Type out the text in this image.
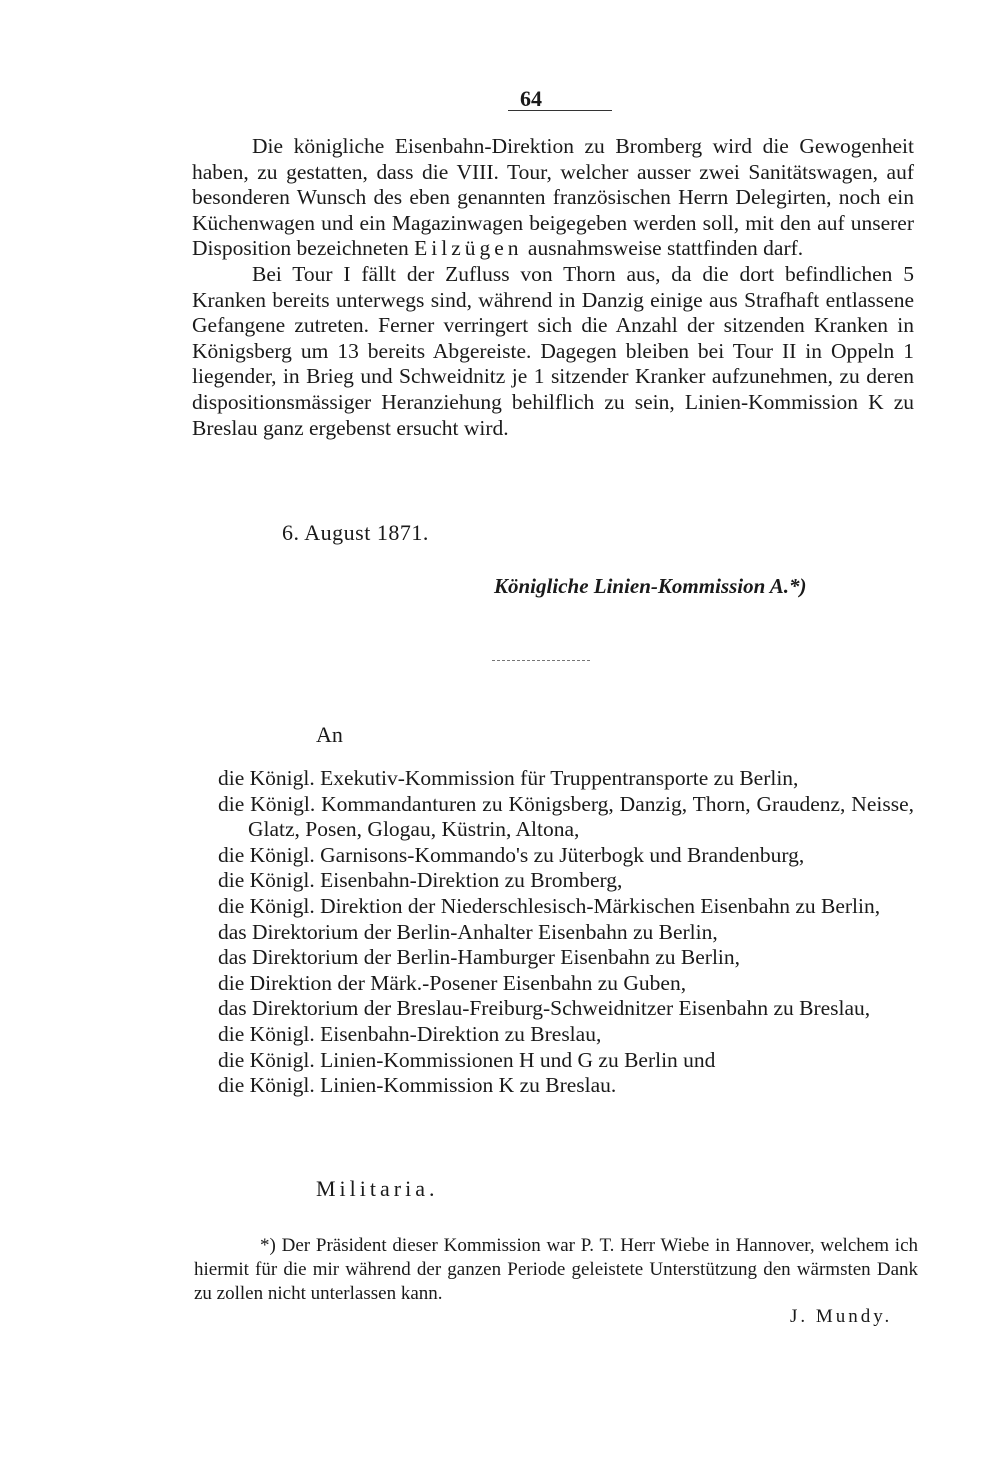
64

Die königliche Eisenbahn-Direktion zu Bromberg wird die Gewogenheit haben, zu gestatten, dass die VIII. Tour, welcher ausser zwei Sanitätswagen, auf besonderen Wunsch des eben genannten französischen Herrn Delegirten, noch ein Küchenwagen und ein Magazinwagen beigegeben werden soll, mit den auf unserer Disposition bezeichneten Eilzügen ausnahmsweise stattfinden darf.

Bei Tour I fällt der Zufluss von Thorn aus, da die dort befindlichen 5 Kranken bereits unterwegs sind, während in Danzig einige aus Strafhaft entlassene Gefangene zutreten. Ferner verringert sich die Anzahl der sitzenden Kranken in Königsberg um 13 bereits Abgereiste. Dagegen bleiben bei Tour II in Oppeln 1 liegender, in Brieg und Schweidnitz je 1 sitzender Kranker aufzunehmen, zu deren dispositionsmässiger Heranziehung behilflich zu sein, Linien-Kommission K zu Breslau ganz ergebenst ersucht wird.

6. August 1871.
Königliche Linien-Kommission A.*)
An
die Königl. Exekutiv-Kommission für Truppentransporte zu Berlin,
die Königl. Kommandanturen zu Königsberg, Danzig, Thorn, Graudenz, Neisse, Glatz, Posen, Glogau, Küstrin, Altona,
die Königl. Garnisons-Kommando's zu Jüterbogk und Brandenburg,
die Königl. Eisenbahn-Direktion zu Bromberg,
die Königl. Direktion der Niederschlesisch-Märkischen Eisenbahn zu Berlin,
das Direktorium der Berlin-Anhalter Eisenbahn zu Berlin,
das Direktorium der Berlin-Hamburger Eisenbahn zu Berlin,
die Direktion der Märk.-Posener Eisenbahn zu Guben,
das Direktorium der Breslau-Freiburg-Schweidnitzer Eisenbahn zu Breslau,
die Königl. Eisenbahn-Direktion zu Breslau,
die Königl. Linien-Kommissionen H und G zu Berlin und
die Königl. Linien-Kommission K zu Breslau.
Militaria.

*) Der Präsident dieser Kommission war P. T. Herr Wiebe in Hannover, welchem ich hiermit für die mir während der ganzen Periode geleistete Unterstützung den wärmsten Dank zu zollen nicht unterlassen kann.

J. Mundy.
